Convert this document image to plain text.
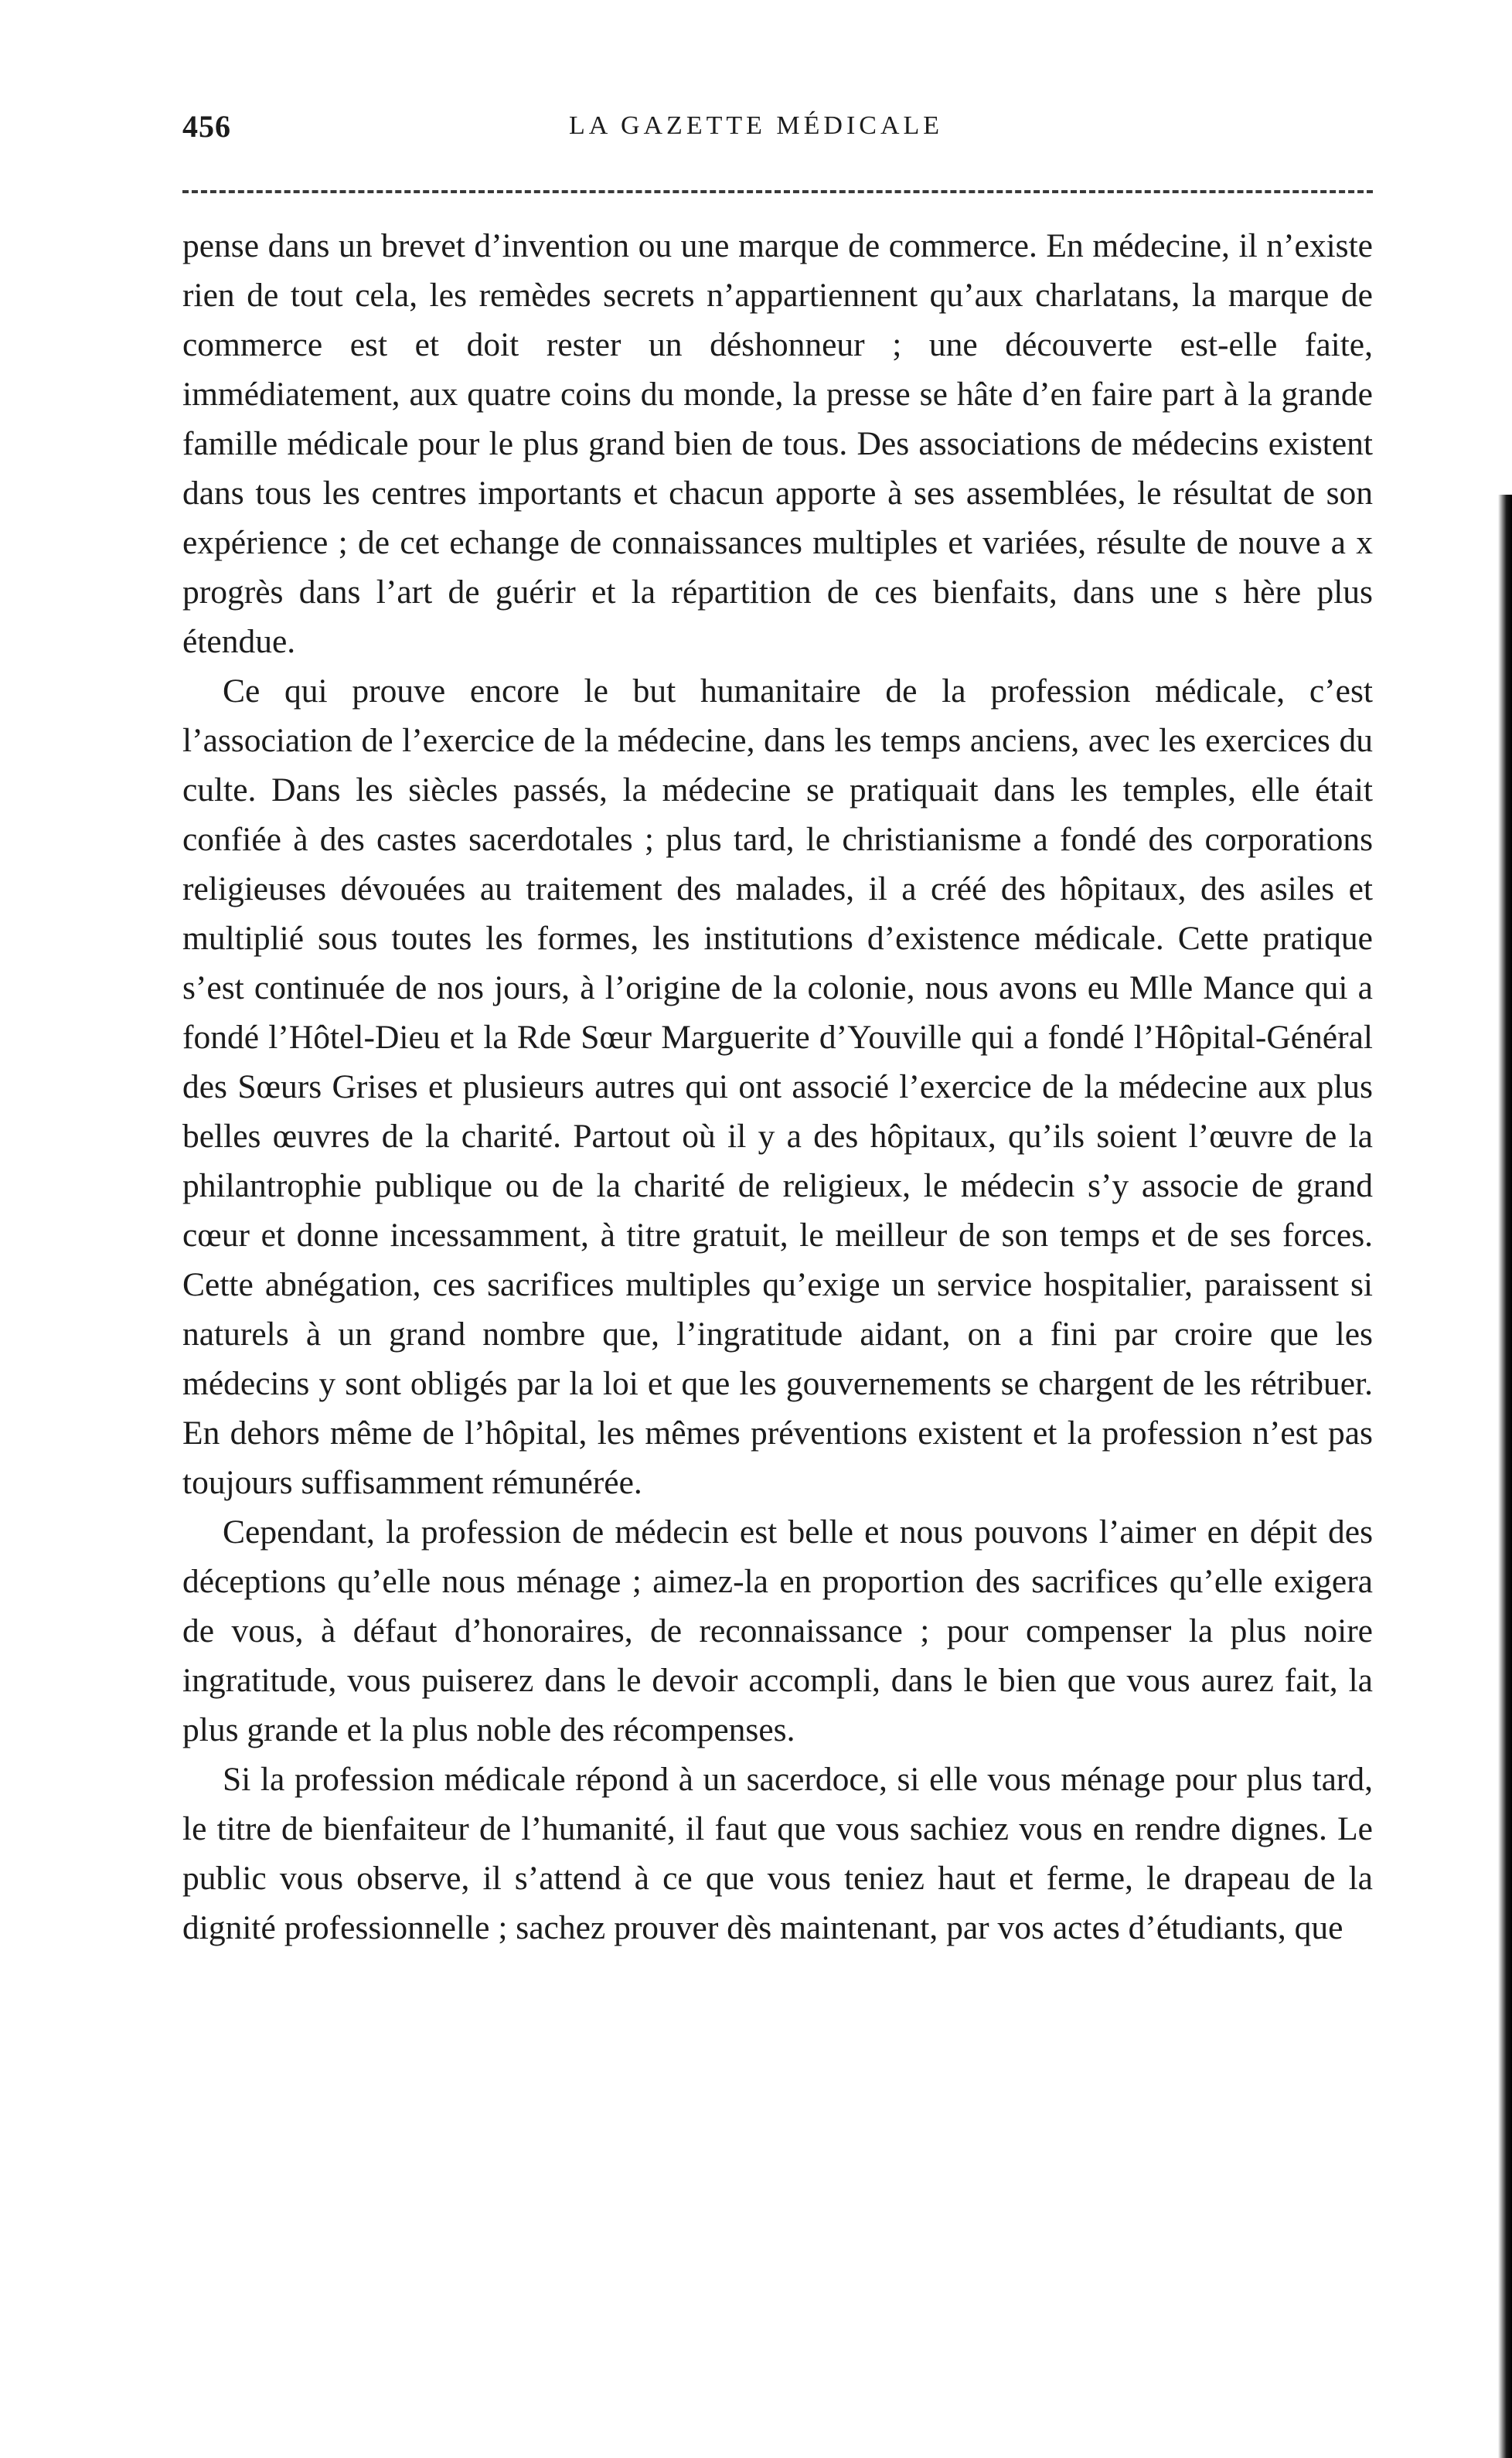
456	LA GAZETTE MÉDICALE

pense dans un brevet d’invention ou une marque de commerce. En médecine, il n’existe rien de tout cela, les remèdes secrets n’appartiennent qu’aux charlatans, la marque de commerce est et doit rester un déshonneur ; une découverte est-elle faite, immédiatement, aux quatre coins du monde, la presse se hâte d’en faire part à la grande famille médicale pour le plus grand bien de tous. Des associations de médecins existent dans tous les centres importants et chacun apporte à ses assemblées, le résultat de son expérience ; de cet echange de connaissances multiples et variées, résulte de nouve a x progrès dans l’art de guérir et la répartition de ces bienfaits, dans une s hère plus étendue.

Ce qui prouve encore le but humanitaire de la profession médicale, c’est l’association de l’exercice de la médecine, dans les temps anciens, avec les exercices du culte. Dans les siècles passés, la médecine se pratiquait dans les temples, elle était confiée à des castes sacerdotales ; plus tard, le christianisme a fondé des corporations religieuses dévouées au traitement des malades, il a créé des hôpitaux, des asiles et multiplié sous toutes les formes, les institutions d’existence médicale. Cette pratique s’est continuée de nos jours, à l’origine de la colonie, nous avons eu Mlle Mance qui a fondé l’Hôtel-Dieu et la Rde Sœur Marguerite d’Youville qui a fondé l’Hôpital-Général des Sœurs Grises et plusieurs autres qui ont associé l’exercice de la médecine aux plus belles œuvres de la charité. Partout où il y a des hôpitaux, qu’ils soient l’œuvre de la philantrophie publique ou de la charité de religieux, le médecin s’y associe de grand cœur et donne incessamment, à titre gratuit, le meilleur de son temps et de ses forces. Cette abnégation, ces sacrifices multiples qu’exige un service hospitalier, paraissent si naturels à un grand nombre que, l’ingratitude aidant, on a fini par croire que les médecins y sont obligés par la loi et que les gouvernements se chargent de les rétribuer. En dehors même de l’hôpital, les mêmes préventions existent et la profession n’est pas toujours suffisamment rémunérée.

Cependant, la profession de médecin est belle et nous pouvons l’aimer en dépit des déceptions qu’elle nous ménage ; aimez-la en proportion des sacrifices qu’elle exigera de vous, à défaut d’honoraires, de reconnaissance ; pour compenser la plus noire ingratitude, vous puiserez dans le devoir accompli, dans le bien que vous aurez fait, la plus grande et la plus noble des récompenses.

Si la profession médicale répond à un sacerdoce, si elle vous ménage pour plus tard, le titre de bienfaiteur de l’humanité, il faut que vous sachiez vous en rendre dignes. Le public vous observe, il s’attend à ce que vous teniez haut et ferme, le drapeau de la dignité professionnelle ; sachez prouver dès maintenant, par vos actes d’étudiants, que
